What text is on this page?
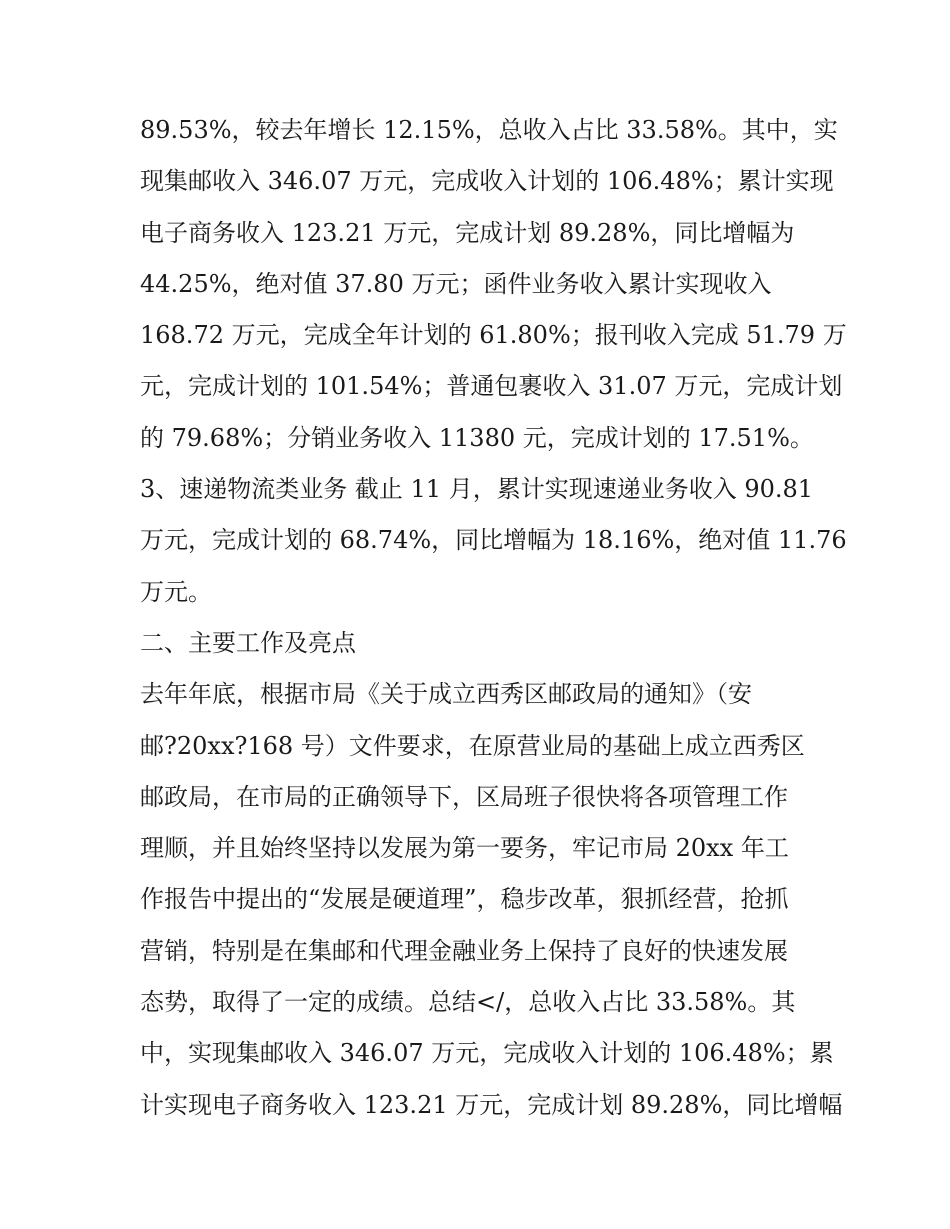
89.53%，较去年增长 12.15%，总收入占比 33.58%。其中，实
现集邮收入 346.07 万元，完成收入计划的 106.48%；累计实现
电子商务收入 123.21 万元，完成计划 89.28%，同比增幅为
44.25%，绝对值 37.80 万元；函件业务收入累计实现收入
168.72 万元，完成全年计划的 61.80%；报刊收入完成 51.79 万
元，完成计划的 101.54%；普通包裹收入 31.07 万元，完成计划
的 79.68%；分销业务收入 11380 元，完成计划的 17.51%。
3、速递物流类业务 截止 11 月，累计实现速递业务收入 90.81
万元，完成计划的 68.74%，同比增幅为 18.16%，绝对值 11.76
万元。
二、主要工作及亮点
去年年底，根据市局《关于成立西秀区邮政局的通知》（安
邮?20xx?168 号）文件要求，在原营业局的基础上成立西秀区
邮政局，在市局的正确领导下，区局班子很快将各项管理工作
理顺，并且始终坚持以发展为第一要务，牢记市局 20xx 年工
作报告中提出的“发展是硬道理”，稳步改革，狠抓经营，抢抓
营销，特别是在集邮和代理金融业务上保持了良好的快速发展
态势，取得了一定的成绩。总结</，总收入占比 33.58%。其
中，实现集邮收入 346.07 万元，完成收入计划的 106.48%；累
计实现电子商务收入 123.21 万元，完成计划 89.28%，同比增幅
